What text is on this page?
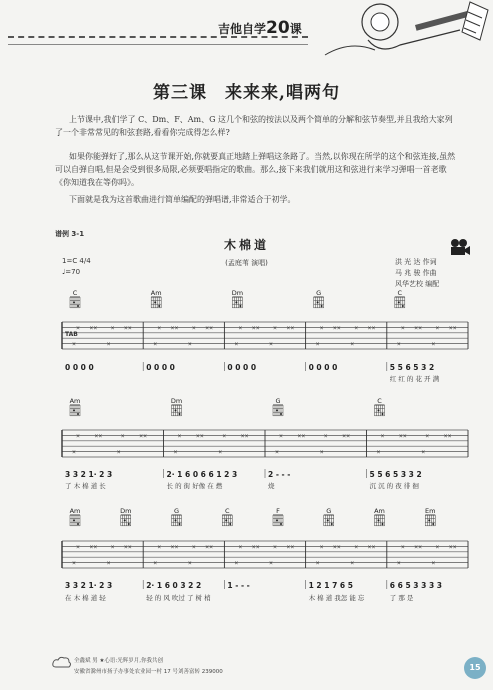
吉他自学20课
第三课 来来来,唱两句
上节课中,我们学了 C、Dm、F、Am、G 这几个和弦的按法以及两个简单的分解和弦节奏型,并且我给大家列了一个非常常见的和弦套路,看看你完成得怎么样?
如果你能弹好了,那么从这节课开始,你就要真正地踏上弹唱这条路了。当然,以你现在所学的这个和弦连接,虽然可以自弹自唱,但是会受到很多局限,必须要唱指定的歌曲。那么,接下来我们就用这和弦进行来学习弹唱一首老歌《你知道我在等你吗》。
下面就是我为这首歌曲进行简单编配的弹唱谱,非常适合于初学。
谱例 3-1
木棉道
(孟庭苇 演唱)
1=C 4/4
♩=70
洪 光 达 作词
马 兆 骏 作曲
风华艺校 编配
TAB
C	Am	Dm	G	C
×
× × ×
×
× × ×
×
× × ×
×
× × ×
×
× × ×
×
× × ×
×
× × ×
×
× × ×
×
× × ×
×
× × ×
0 0 0 0	0 0 0 0	0 0 0 0	0 0 0 0	5 5 6 5 3 2
红 红 的 花 开 满
Am	Dm	G	C
×
×	× ×
×
×	× ×
×
×	× ×
×
×	× ×
×
×	× ×
×
×	× ×
×
×	× ×
×
×	× ×
3 3 2 1· 2 3
了 木 棉 道 长
2· 1 6 0 6 6 1 2 3
长 的 街 好像 在 燃
2 - - -
烧
5 5 6 5 3 3 2
沉 沉 的 夜 徘 徊
Am	Dm	G	C	F	G	Am	Em
×
× × ×
×
× × ×
×
× × ×
×
× × ×
×
× × ×
×
× × ×
×
× × ×
×
× × ×
×
× × ×
×
× × ×
3 3 2 1· 2 3
在 木 棉 道 轻
2· 1 6 0 3 2 2
轻 的 风 吹过 了 树 梢
1 - - -	1 2 1 7 6 5
木 棉 道 我怎 能 忘
6 6 5 3 3 3 3
了 那 是
全鑫斌 男 ★心语:光辉岁月,你我共创
安徽省滁州市扬子办事处农业园一村 17 号刘善富转 239000	15
